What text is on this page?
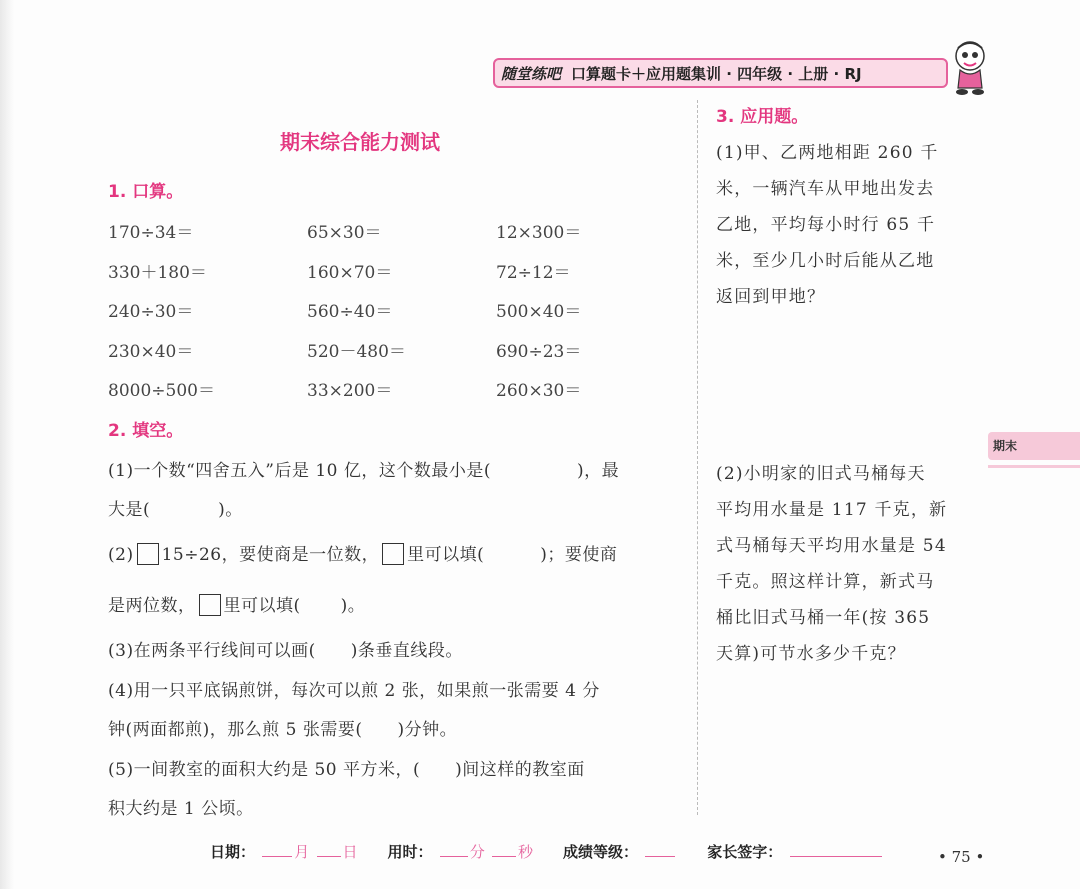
随堂练吧 口算题卡＋应用题集训 · 四年级 · 上册 · RJ
期末综合能力测试
1. 口算。
170÷34＝	65×30＝	12×300＝
330＋180＝	160×70＝	72÷12＝
240÷30＝	560÷40＝	500×40＝
230×40＝	520－480＝	690÷23＝
8000÷500＝	33×200＝	260×30＝
2. 填空。
(1)一个数“四舍五入”后是 10 亿，这个数最小是(	)，最
大是(	)。
(2) 15÷26，要使商是一位数， 里可以填(	)；要使商
是两位数， 里可以填( )。
(3)在两条平行线间可以画(　　)条垂直线段。
(4)用一只平底锅煎饼，每次可以煎 2 张，如果煎一张需要 4 分
钟(两面都煎)，那么煎 5 张需要(　　)分钟。
(5)一间教室的面积大约是 50 平方米，(　　)间这样的教室面
积大约是 1 公顷。
3. 应用题。
(1)甲、乙两地相距 260 千
米，一辆汽车从甲地出发去
乙地，平均每小时行 65 千
米，至少几小时后能从乙地
返回到甲地？
(2)小明家的旧式马桶每天
平均用水量是 117 千克，新
式马桶每天平均用水量是 54
千克。照这样计算，新式马
桶比旧式马桶一年(按 365
天算)可节水多少千克？
期末
日期：	月 日 用时： 分 秒 成绩等级：	家长签字：	• 75 •
